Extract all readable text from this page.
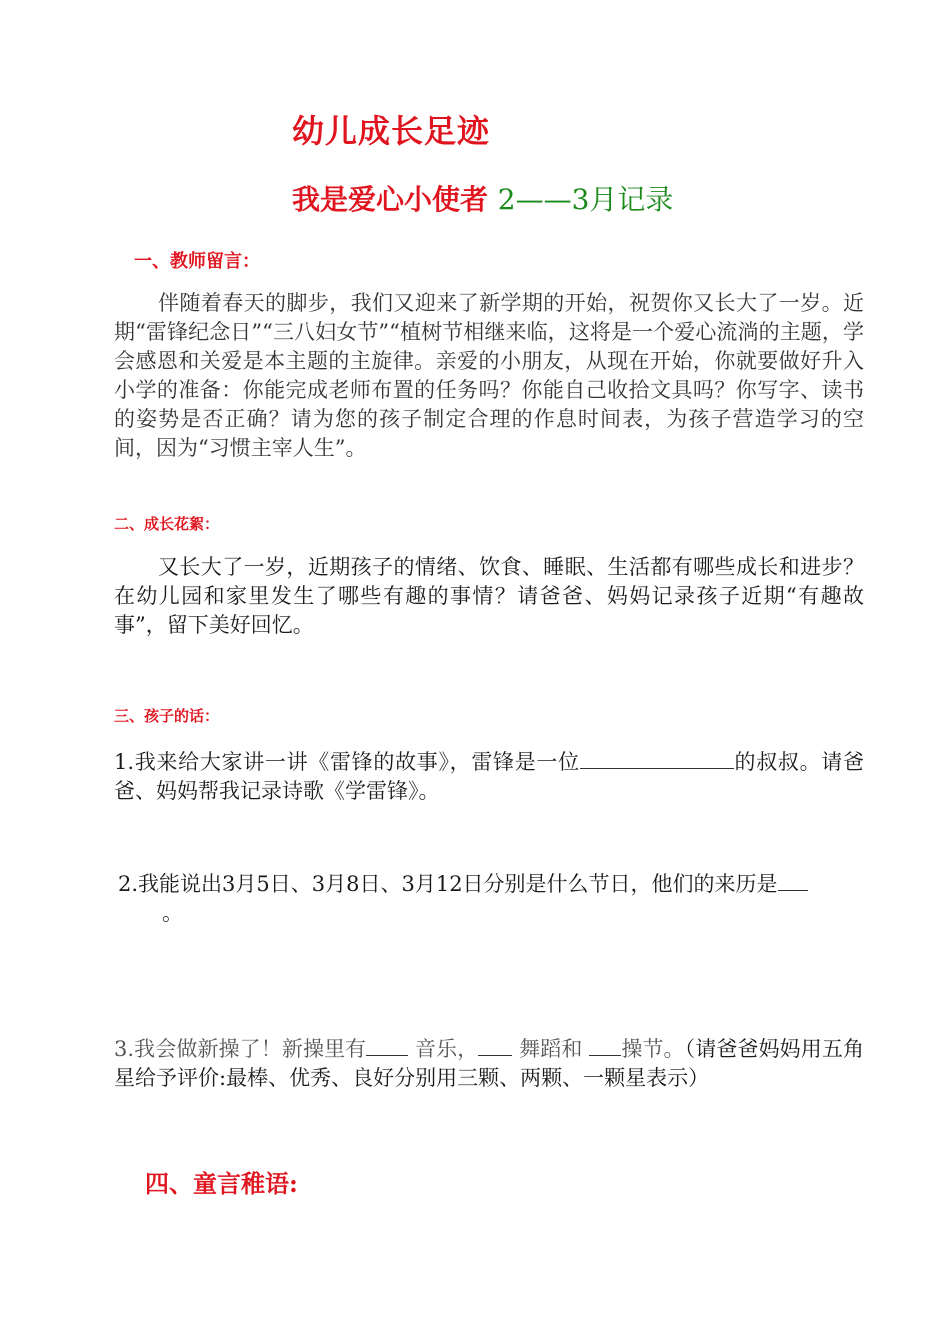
幼儿成长足迹
我是爱心小使者 2——3月记录
一、教师留言：
伴随着春天的脚步，我们又迎来了新学期的开始，祝贺你又长大了一岁。近期“雷锋纪念日”“三八妇女节”“植树节相继来临，这将是一个爱心流淌的主题，学会感恩和关爱是本主题的主旋律。亲爱的小朋友，从现在开始，你就要做好升入小学的准备：你能完成老师布置的任务吗？你能自己收拾文具吗？你写字、读书的姿势是否正确？请为您的孩子制定合理的作息时间表，为孩子营造学习的空间，因为“习惯主宰人生”。
二、成长花絮：
又长大了一岁，近期孩子的情绪、饮食、睡眠、生活都有哪些成长和进步？在幼儿园和家里发生了哪些有趣的事情？请爸爸、妈妈记录孩子近期“有趣故事”，留下美好回忆。
三、孩子的话：
1.我来给大家讲一讲《雷锋的故事》，雷锋是一位	的叔叔。请爸爸、妈妈帮我记录诗歌《学雷锋》。
2.我能说出3月5日、3月8日、3月12日分别是什么节日，他们的来历是
。
3.我会做新操了！新操里有 音乐， 舞蹈和 操节。（请爸爸妈妈用五角星给予评价:最棒、优秀、良好分别用三颗、两颗、一颗星表示）
四、童言稚语:
